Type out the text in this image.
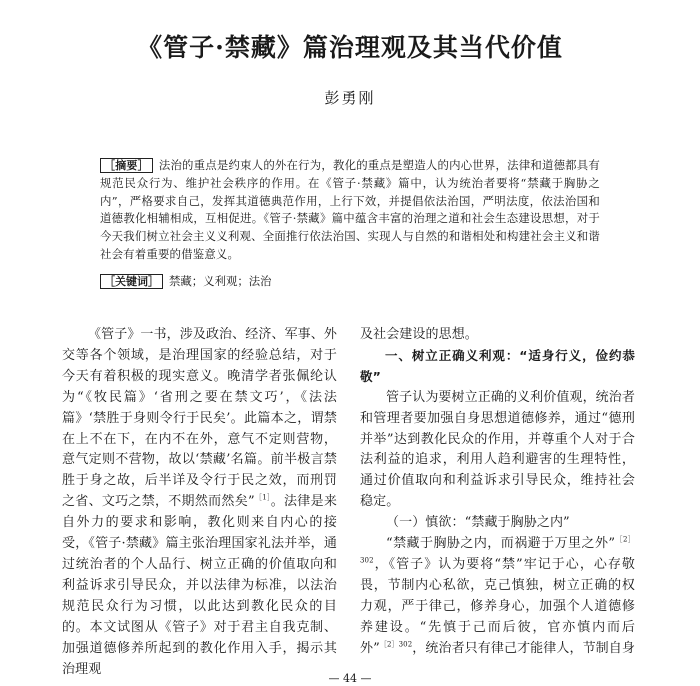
《管子·禁藏》篇治理观及其当代价值
彭勇刚
［摘要］ 法治的重点是约束人的外在行为，教化的重点是塑造人的内心世界，法律和道德都具有规范民众行为、维护社会秩序的作用。在《管子·禁藏》篇中，认为统治者要将“禁藏于胸胁之内”，严格要求自己，发挥其道德典范作用，上行下效，并提倡依法治国，严明法度，依法治国和道德教化相辅相成，互相促进。《管子·禁藏》篇中蕴含丰富的治理之道和社会生态建设思想，对于今天我们树立社会主义义利观、全面推行依法治国、实现人与自然的和谐相处和构建社会主义和谐社会有着重要的借鉴意义。
［关键词］ 禁藏；义利观；法治

《管子》一书，涉及政治、经济、军事、外交等各个领域，是治理国家的经验总结，对于今天有着积极的现实意义。晚清学者张佩纶认为“《牧民篇》‘省刑之要在禁文巧’，《法法篇》‘禁胜于身则令行于民矣’。此篇本之，谓禁在上不在下，在内不在外，意气不定则营物，意气定则不营物，故以‘禁藏’名篇。前半极言禁胜于身之故，后半详及令行于民之效，而刑罚之省、文巧之禁，不期然而然矣”$^{[1]}$。法律是来自外力的要求和影响，教化则来自内心的接受，《管子·禁藏》篇主张治理国家礼法并举，通过统治者的个人品行、树立正确的价值取向和利益诉求引导民众，并以法律为标准，以法治规范民众行为习惯，以此达到教化民众的目的。本文试图从《管子》对于君主自我克制、加强道德修养所起到的教化作用入手，揭示其治理观

及社会建设的思想。

一、树立正确义利观：“适身行义，俭约恭敬”

管子认为要树立正确的义利价值观，统治者和管理者要加强自身思想道德修养，通过“德刑并举”达到教化民众的作用，并尊重个人对于合法利益的追求，利用人趋利避害的生理特性，通过价值取向和利益诉求引导民众，维持社会稳定。

（一）慎欲：“禁藏于胸胁之内”

“禁藏于胸胁之内，而祸避于万里之外”$^{[2]302}$，《管子》认为要将“禁”牢记于心，心存敬畏，节制内心私欲，克己慎独，树立正确的权力观，严于律己，修养身心，加强个人道德修养建设。“先慎于己而后彼，官亦慎内而后外”$^{[2]302}$，统治者只有律己才能律人，节制自身

— 44 —
